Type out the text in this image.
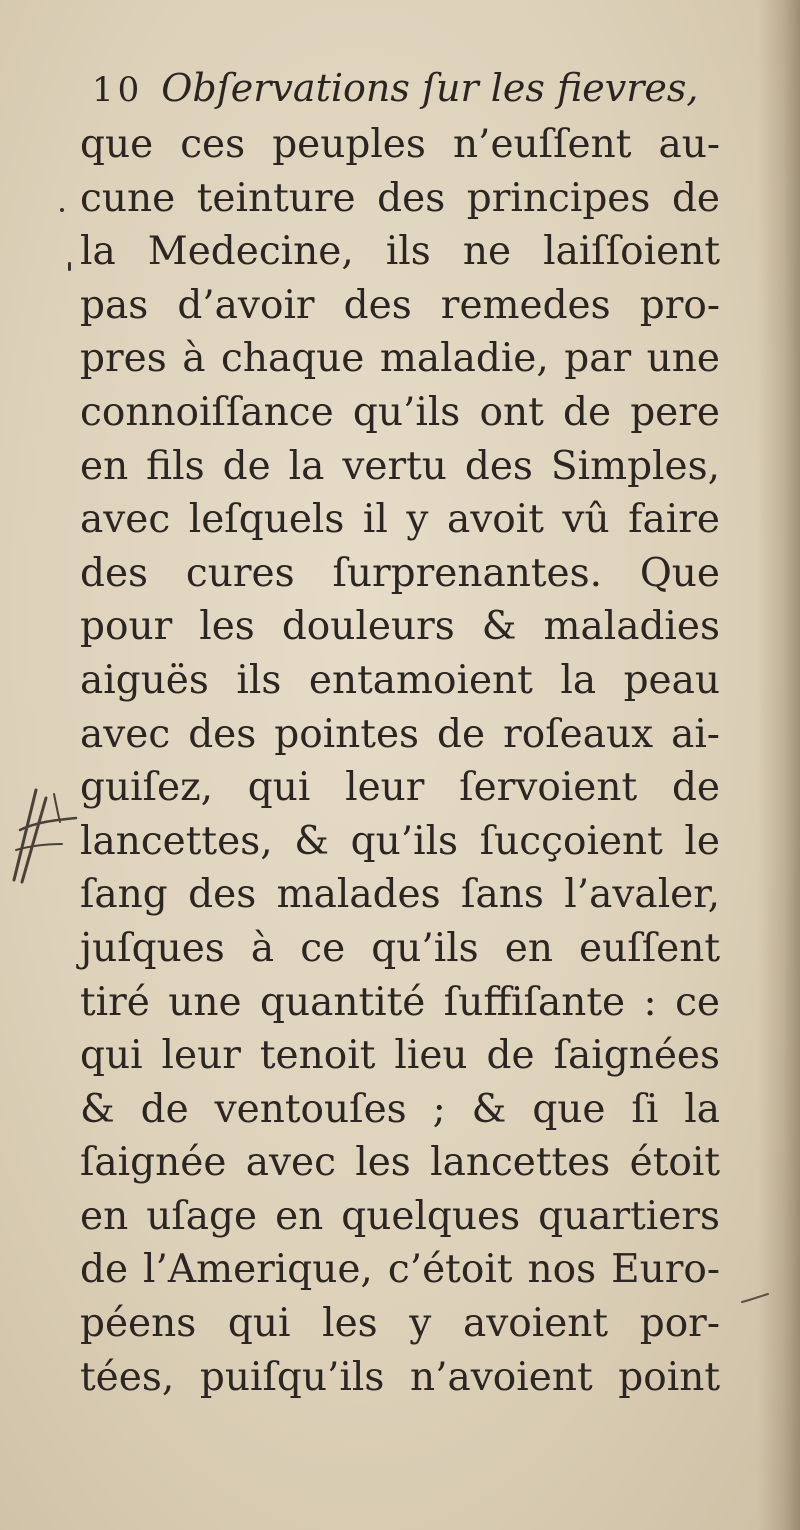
10 Obſervations ſur les fievres,
que ces peuples n’euſſent au-
cune teinture des principes de
la Medecine, ils ne laiſſoient
pas d’avoir des remedes pro-
pres à chaque maladie, par une
connoiſſance qu’ils ont de pere
en fils de la vertu des Simples,
avec leſquels il y avoit vû faire
des cures ſurprenantes. Que
pour les douleurs & maladies
aiguës ils entamoient la peau
avec des pointes de roſeaux ai-
guiſez, qui leur ſervoient de
lancettes, & qu’ils ſucçoient le
ſang des malades ſans l’avaler,
juſques à ce qu’ils en euſſent
tiré une quantité ſuffiſante : ce
qui leur tenoit lieu de ſaignées
& de ventouſes ; & que ſi la
ſaignée avec les lancettes étoit
en uſage en quelques quartiers
de l’Amerique, c’étoit nos Euro-
péens qui les y avoient por-
tées, puiſqu’ils n’avoient point
